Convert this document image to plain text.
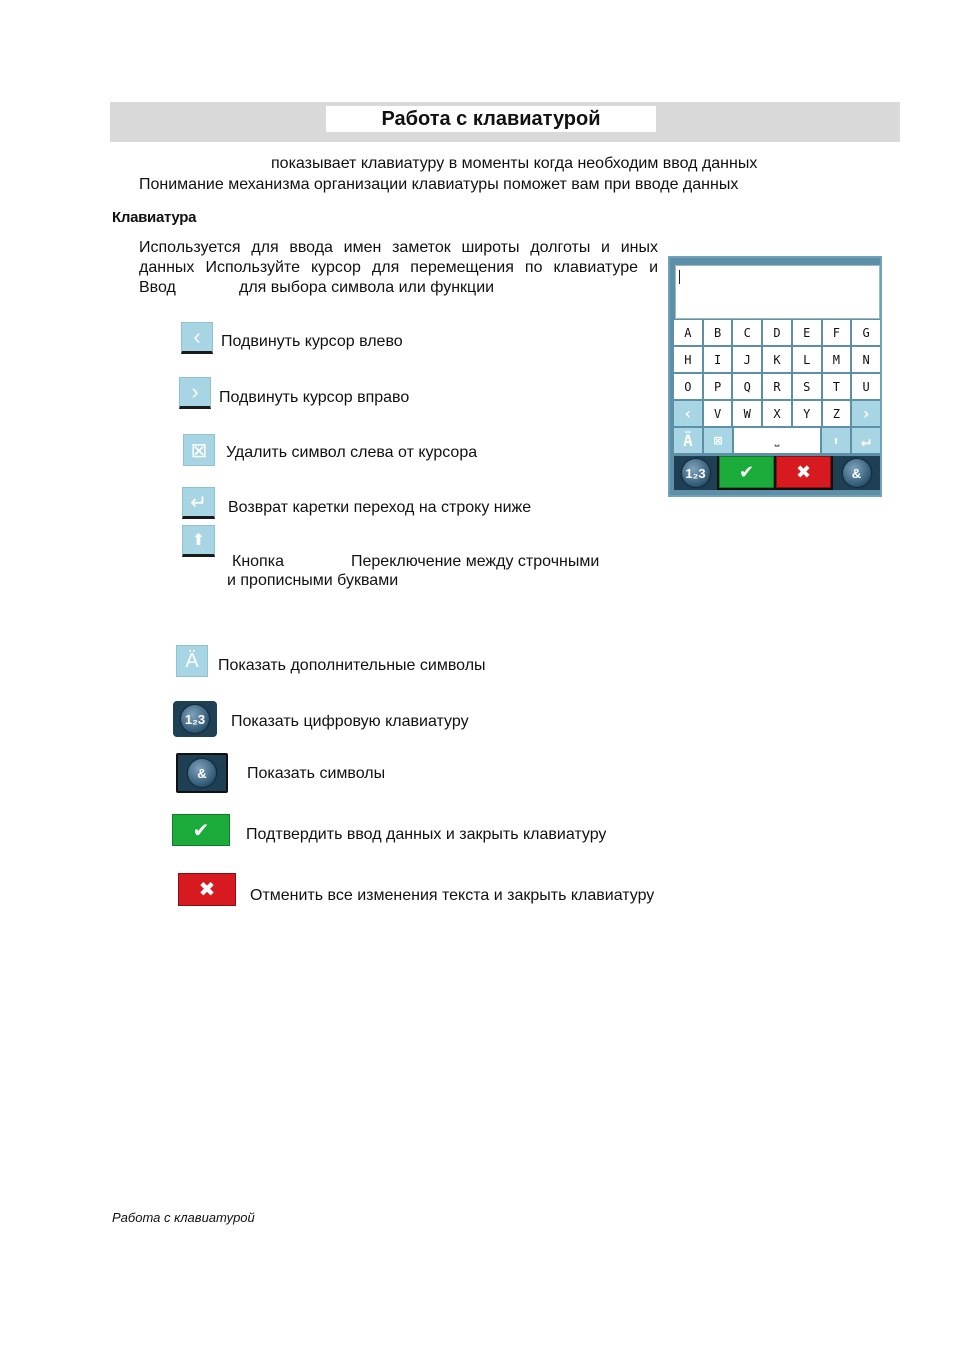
Работа с клавиатурой
показывает клавиатуру в моменты когда необходим ввод данных
Понимание механизма организации клавиатуры поможет вам при вводе данных
Клавиатура
Используется для ввода имен заметок широты долготы и иных
данных Используйте курсор для перемещения по клавиатуре и
Ввод	для выбора символа или функции
‹	Подвинуть курсор влево
›	Подвинуть курсор вправо
⊠	Удалить символ слева от курсора
↵	Возврат каретки переход на строку ниже
⬆
Кнопка	Переключение между строчными
и прописными буквами
Ä	Показать дополнительные символы
1₂3 Показать цифровую клавиатуру
&	Показать символы
✔	Подтвердить ввод данных и закрыть клавиатуру
✖	Отменить все изменения текста и закрыть клавиатуру
A	B	C	D	E	F	G
H	I	J	K	L	M	N
O	P	Q	R	S	T	U
‹	V	W	X	Y	Z	›
Ä	⊠	⎵	⬆	↵
1₂3	✔	✖	&
Работа с клавиатурой
